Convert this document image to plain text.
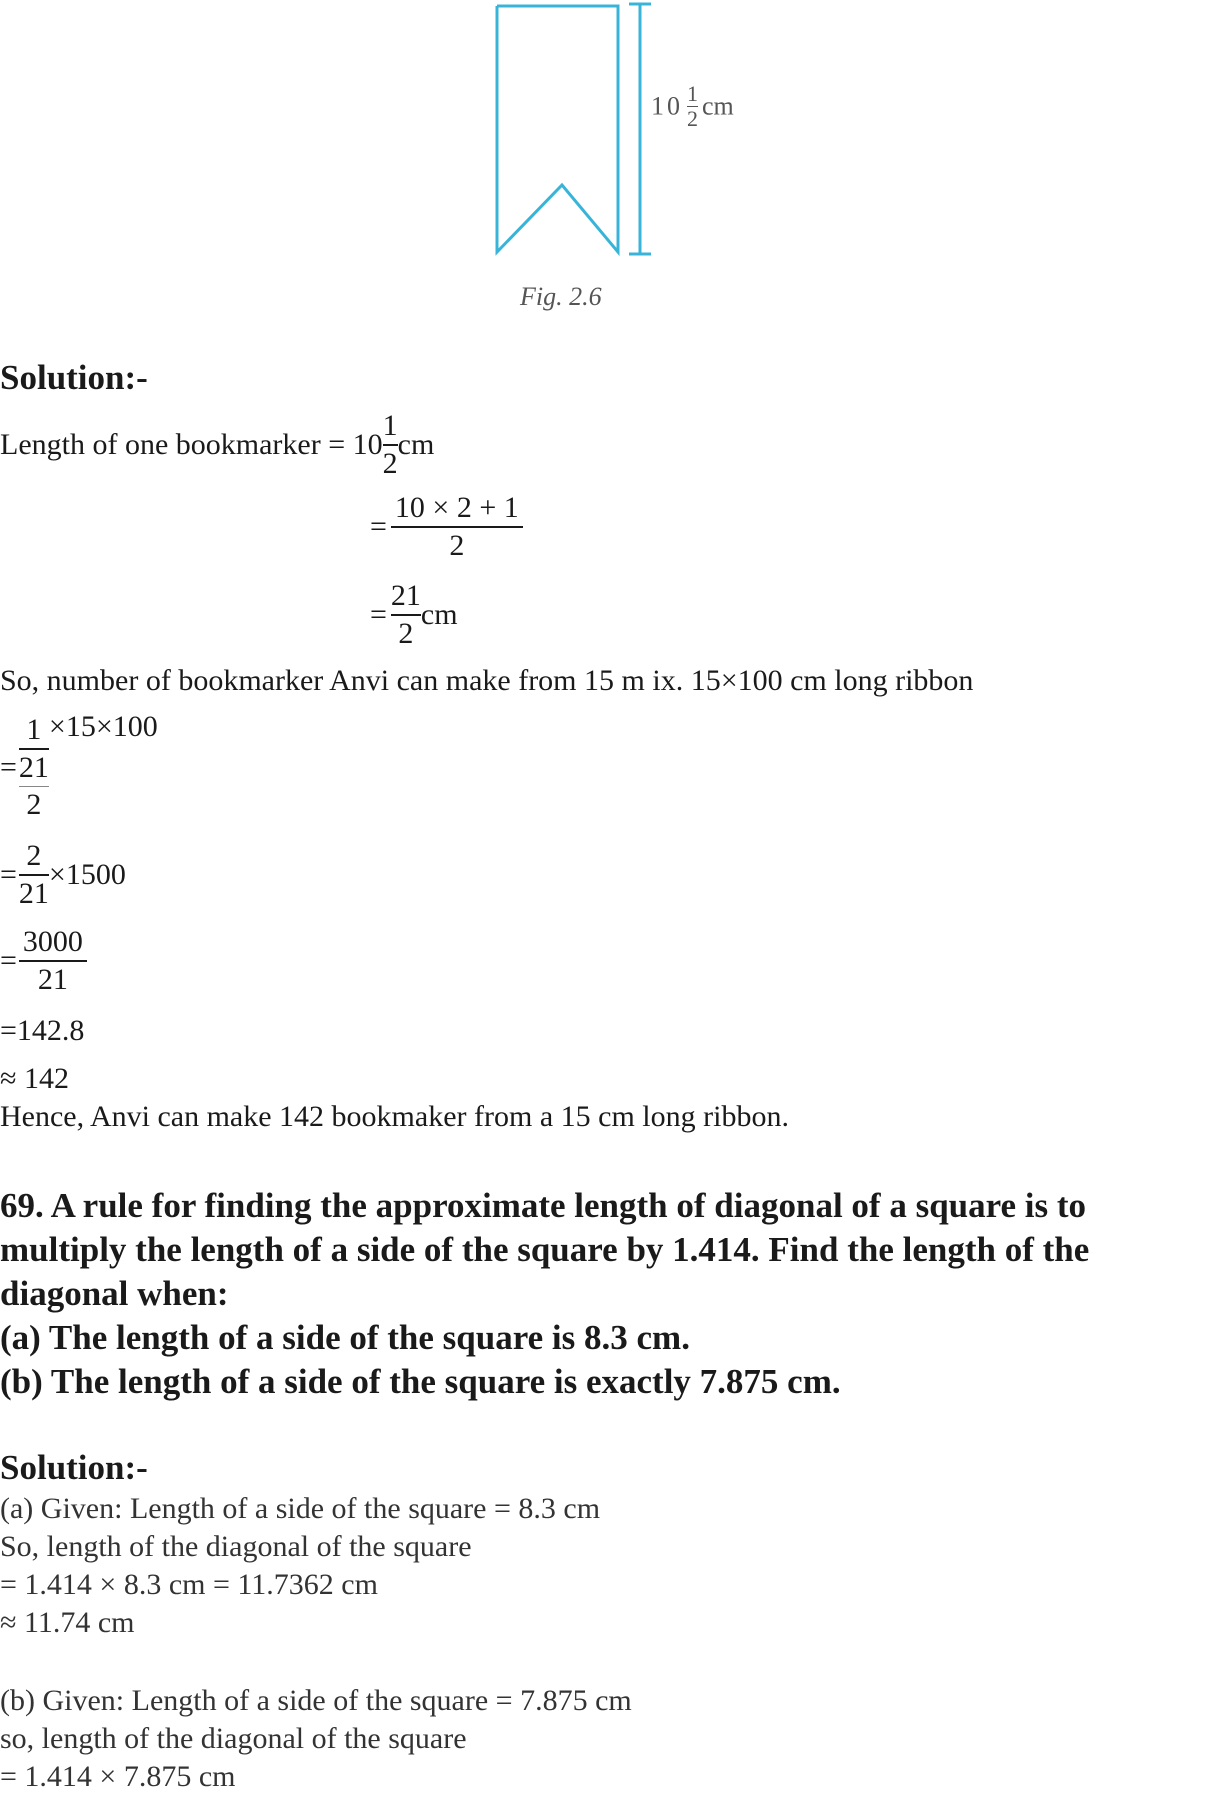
$10 \frac{1}{2}$ cm
Fig. 2.6
Solution:-
Length of one bookmarker = $10 \frac{1}{2}$ cm
= $\frac{10 \times 2 + 1}{2}$
= $\frac{21}{2}$ cm
So, number of bookmarker Anvi can make from 15 m ix. 15×100 cm long ribbon
= 1
21
2 ×15×100
= $\frac{2}{21} \times 1500$
= $\frac{3000}{21}$
=142.8
≈ 142
Hence, Anvi can make 142 bookmaker from a 15 cm long ribbon.
69. A rule for finding the approximate length of diagonal of a square is to
multiply the length of a side of the square by 1.414. Find the length of the
diagonal when:
(a) The length of a side of the square is 8.3 cm.
(b) The length of a side of the square is exactly 7.875 cm.
Solution:-
(a) Given: Length of a side of the square = 8.3 cm
So, length of the diagonal of the square
= 1.414 × 8.3 cm = 11.7362 cm
≈ 11.74 cm
(b) Given: Length of a side of the square = 7.875 cm
so, length of the diagonal of the square
= 1.414 × 7.875 cm
